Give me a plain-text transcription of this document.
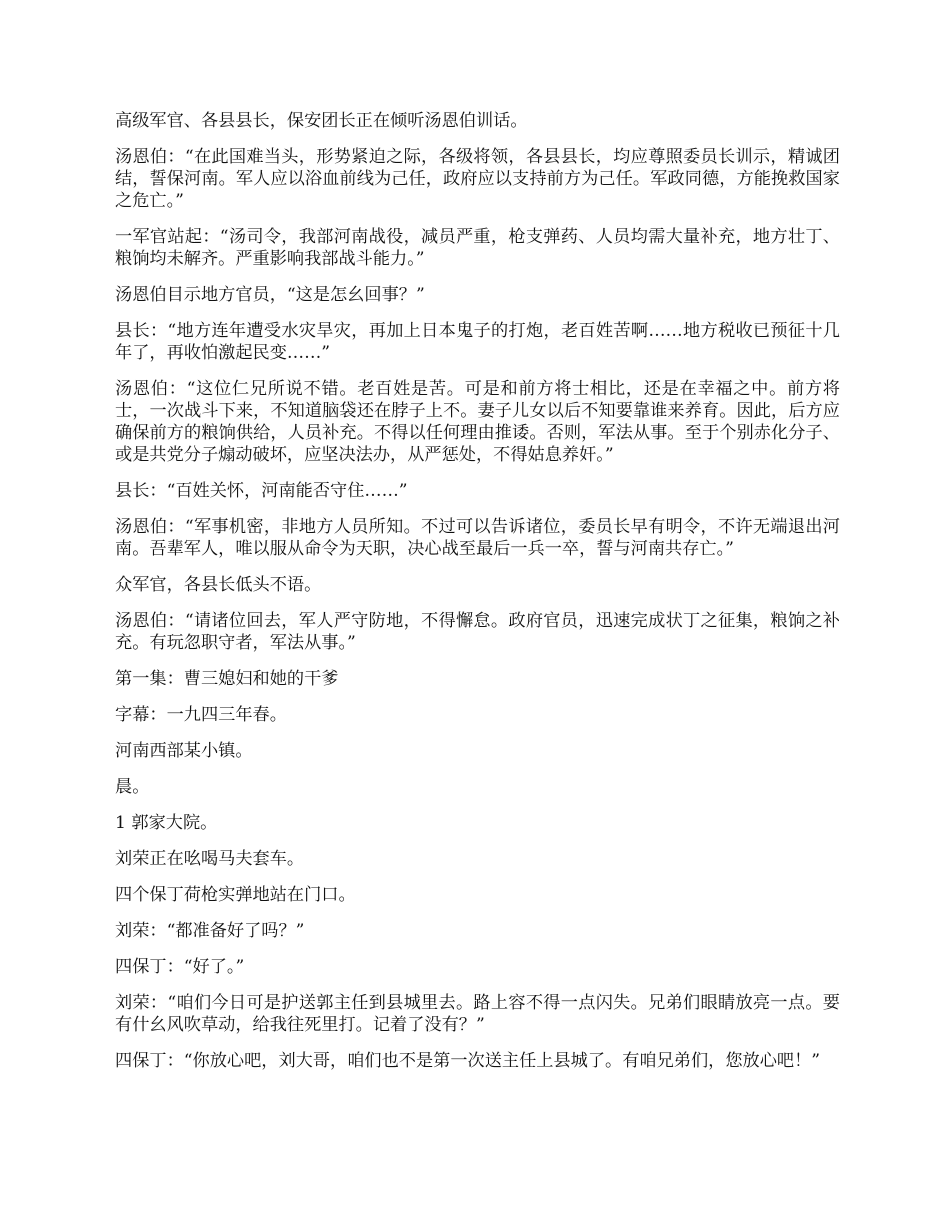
高级军官、各县县长，保安团长正在倾听汤恩伯训话。

汤恩伯：“在此国难当头，形势紧迫之际，各级将领，各县县长，均应尊照委员长训示，精诚团结，誓保河南。军人应以浴血前线为己任，政府应以支持前方为己任。军政同德，方能挽救国家之危亡。”

一军官站起：“汤司令，我部河南战役，减员严重，枪支弹药、人员均需大量补充，地方壮丁、粮饷均未解齐。严重影响我部战斗能力。”

汤恩伯目示地方官员，“这是怎幺回事？”

县长：“地方连年遭受水灾旱灾，再加上日本鬼子的打炮，老百姓苦啊……地方税收已预征十几年了，再收怕激起民变……”

汤恩伯：“这位仁兄所说不错。老百姓是苦。可是和前方将士相比，还是在幸福之中。前方将士，一次战斗下来，不知道脑袋还在脖子上不。妻子儿女以后不知要靠谁来养育。因此，后方应确保前方的粮饷供给，人员补充。不得以任何理由推诿。否则，军法从事。至于个别赤化分子、或是共党分子煽动破坏，应坚决法办，从严惩处，不得姑息养奸。”

县长：“百姓关怀，河南能否守住……”

汤恩伯：“军事机密，非地方人员所知。不过可以告诉诸位，委员长早有明令，不许无端退出河南。吾辈军人，唯以服从命令为天职，决心战至最后一兵一卒，誓与河南共存亡。”

众军官，各县长低头不语。

汤恩伯：“请诸位回去，军人严守防地，不得懈怠。政府官员，迅速完成状丁之征集，粮饷之补充。有玩忽职守者，军法从事。”

第一集：曹三媳妇和她的干爹

字幕：一九四三年春。

河南西部某小镇。

晨。

1 郭家大院。

刘荣正在吆喝马夫套车。

四个保丁荷枪实弹地站在门口。

刘荣：“都准备好了吗？”

四保丁：“好了。”

刘荣：“咱们今日可是护送郭主任到县城里去。路上容不得一点闪失。兄弟们眼睛放亮一点。要有什幺风吹草动，给我往死里打。记着了没有？”

四保丁：“你放心吧，刘大哥，咱们也不是第一次送主任上县城了。有咱兄弟们，您放心吧！”
